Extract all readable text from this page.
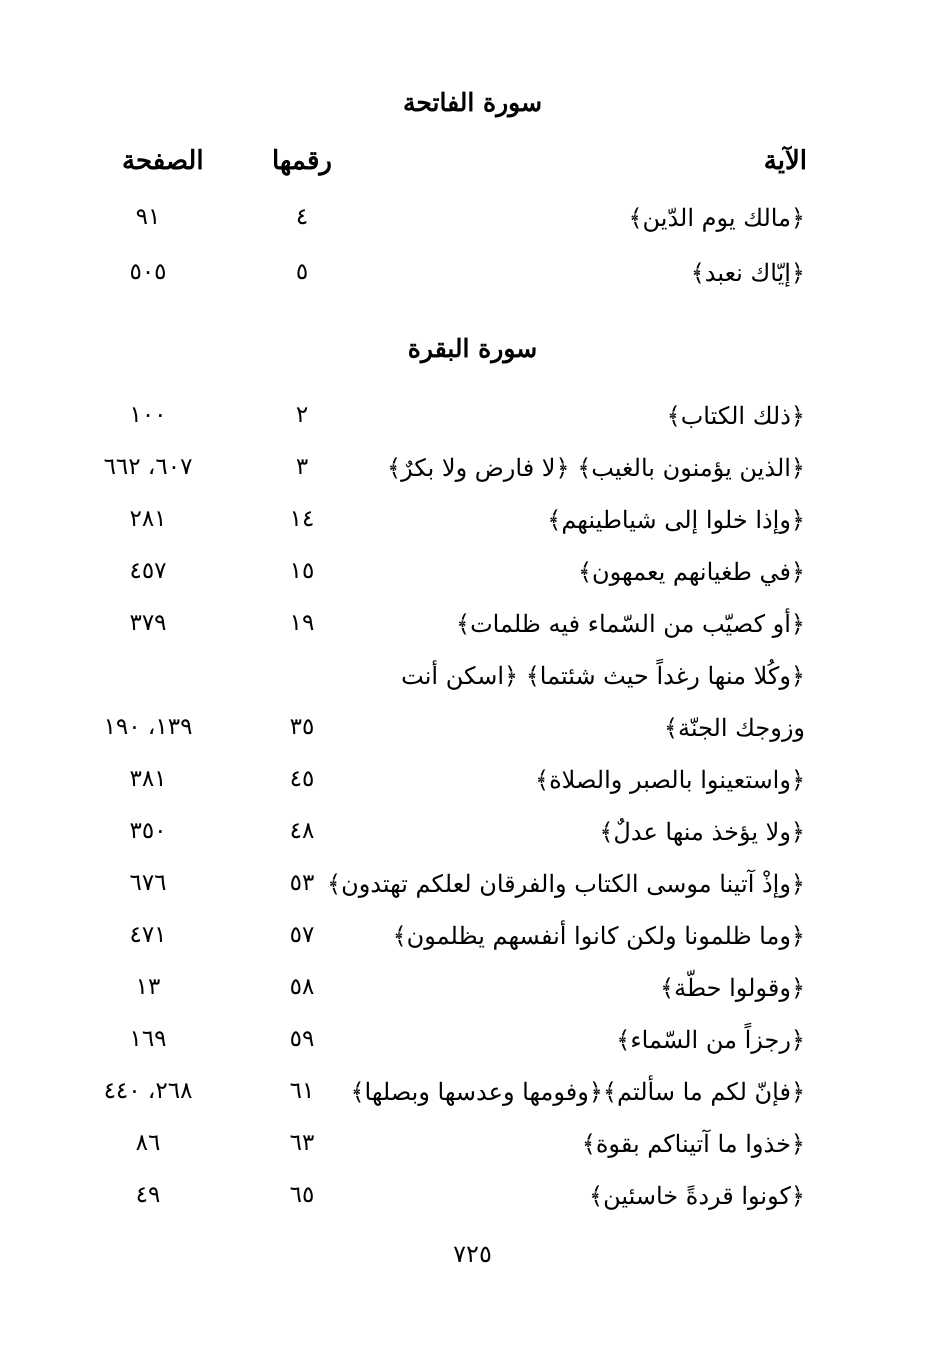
سورة الفاتحة
الآية
رقمها
الصفحة
﴿مالك يوم الدّين﴾
٤
٩١
﴿إيّاك نعبد﴾
٥
٥٠٥
سورة البقرة
﴿ذلك الكتاب﴾
٢
١٠٠
﴿الذين يؤمنون بالغيب﴾ ﴿لا فارض ولا بكرٌ﴾
٣
٦٠٧، ٦٦٢
﴿وإذا خلوا إلى شياطينهم﴾
١٤
٢٨١
﴿في طغيانهم يعمهون﴾
١٥
٤٥٧
﴿أو كصيّب من السّماء فيه ظلمات﴾
١٩
٣٧٩
﴿وكُلا منها رغداً حيث شئتما﴾ ﴿اسكن أنت
وزوجك الجنّة﴾
٣٥
١٣٩، ١٩٠
﴿واستعينوا بالصبر والصلاة﴾
٤٥
٣٨١
﴿ولا يؤخذ منها عدلٌ﴾
٤٨
٣٥٠
﴿وإذْ آتينا موسى الكتاب والفرقان لعلكم تهتدون﴾
٥٣
٦٧٦
﴿وما ظلمونا ولكن كانوا أنفسهم يظلمون﴾
٥٧
٤٧١
﴿وقولوا حطّة﴾
٥٨
١٣
﴿رجزاً من السّماء﴾
٥٩
١٦٩
﴿فإنّ لكم ما سألتم﴾﴿وفومها وعدسها وبصلها﴾
٦١
٢٦٨، ٤٤٠
﴿خذوا ما آتيناكم بقوة﴾
٦٣
٨٦
﴿كونوا قردةً خاسئين﴾
٦٥
٤٩
٧٢٥
